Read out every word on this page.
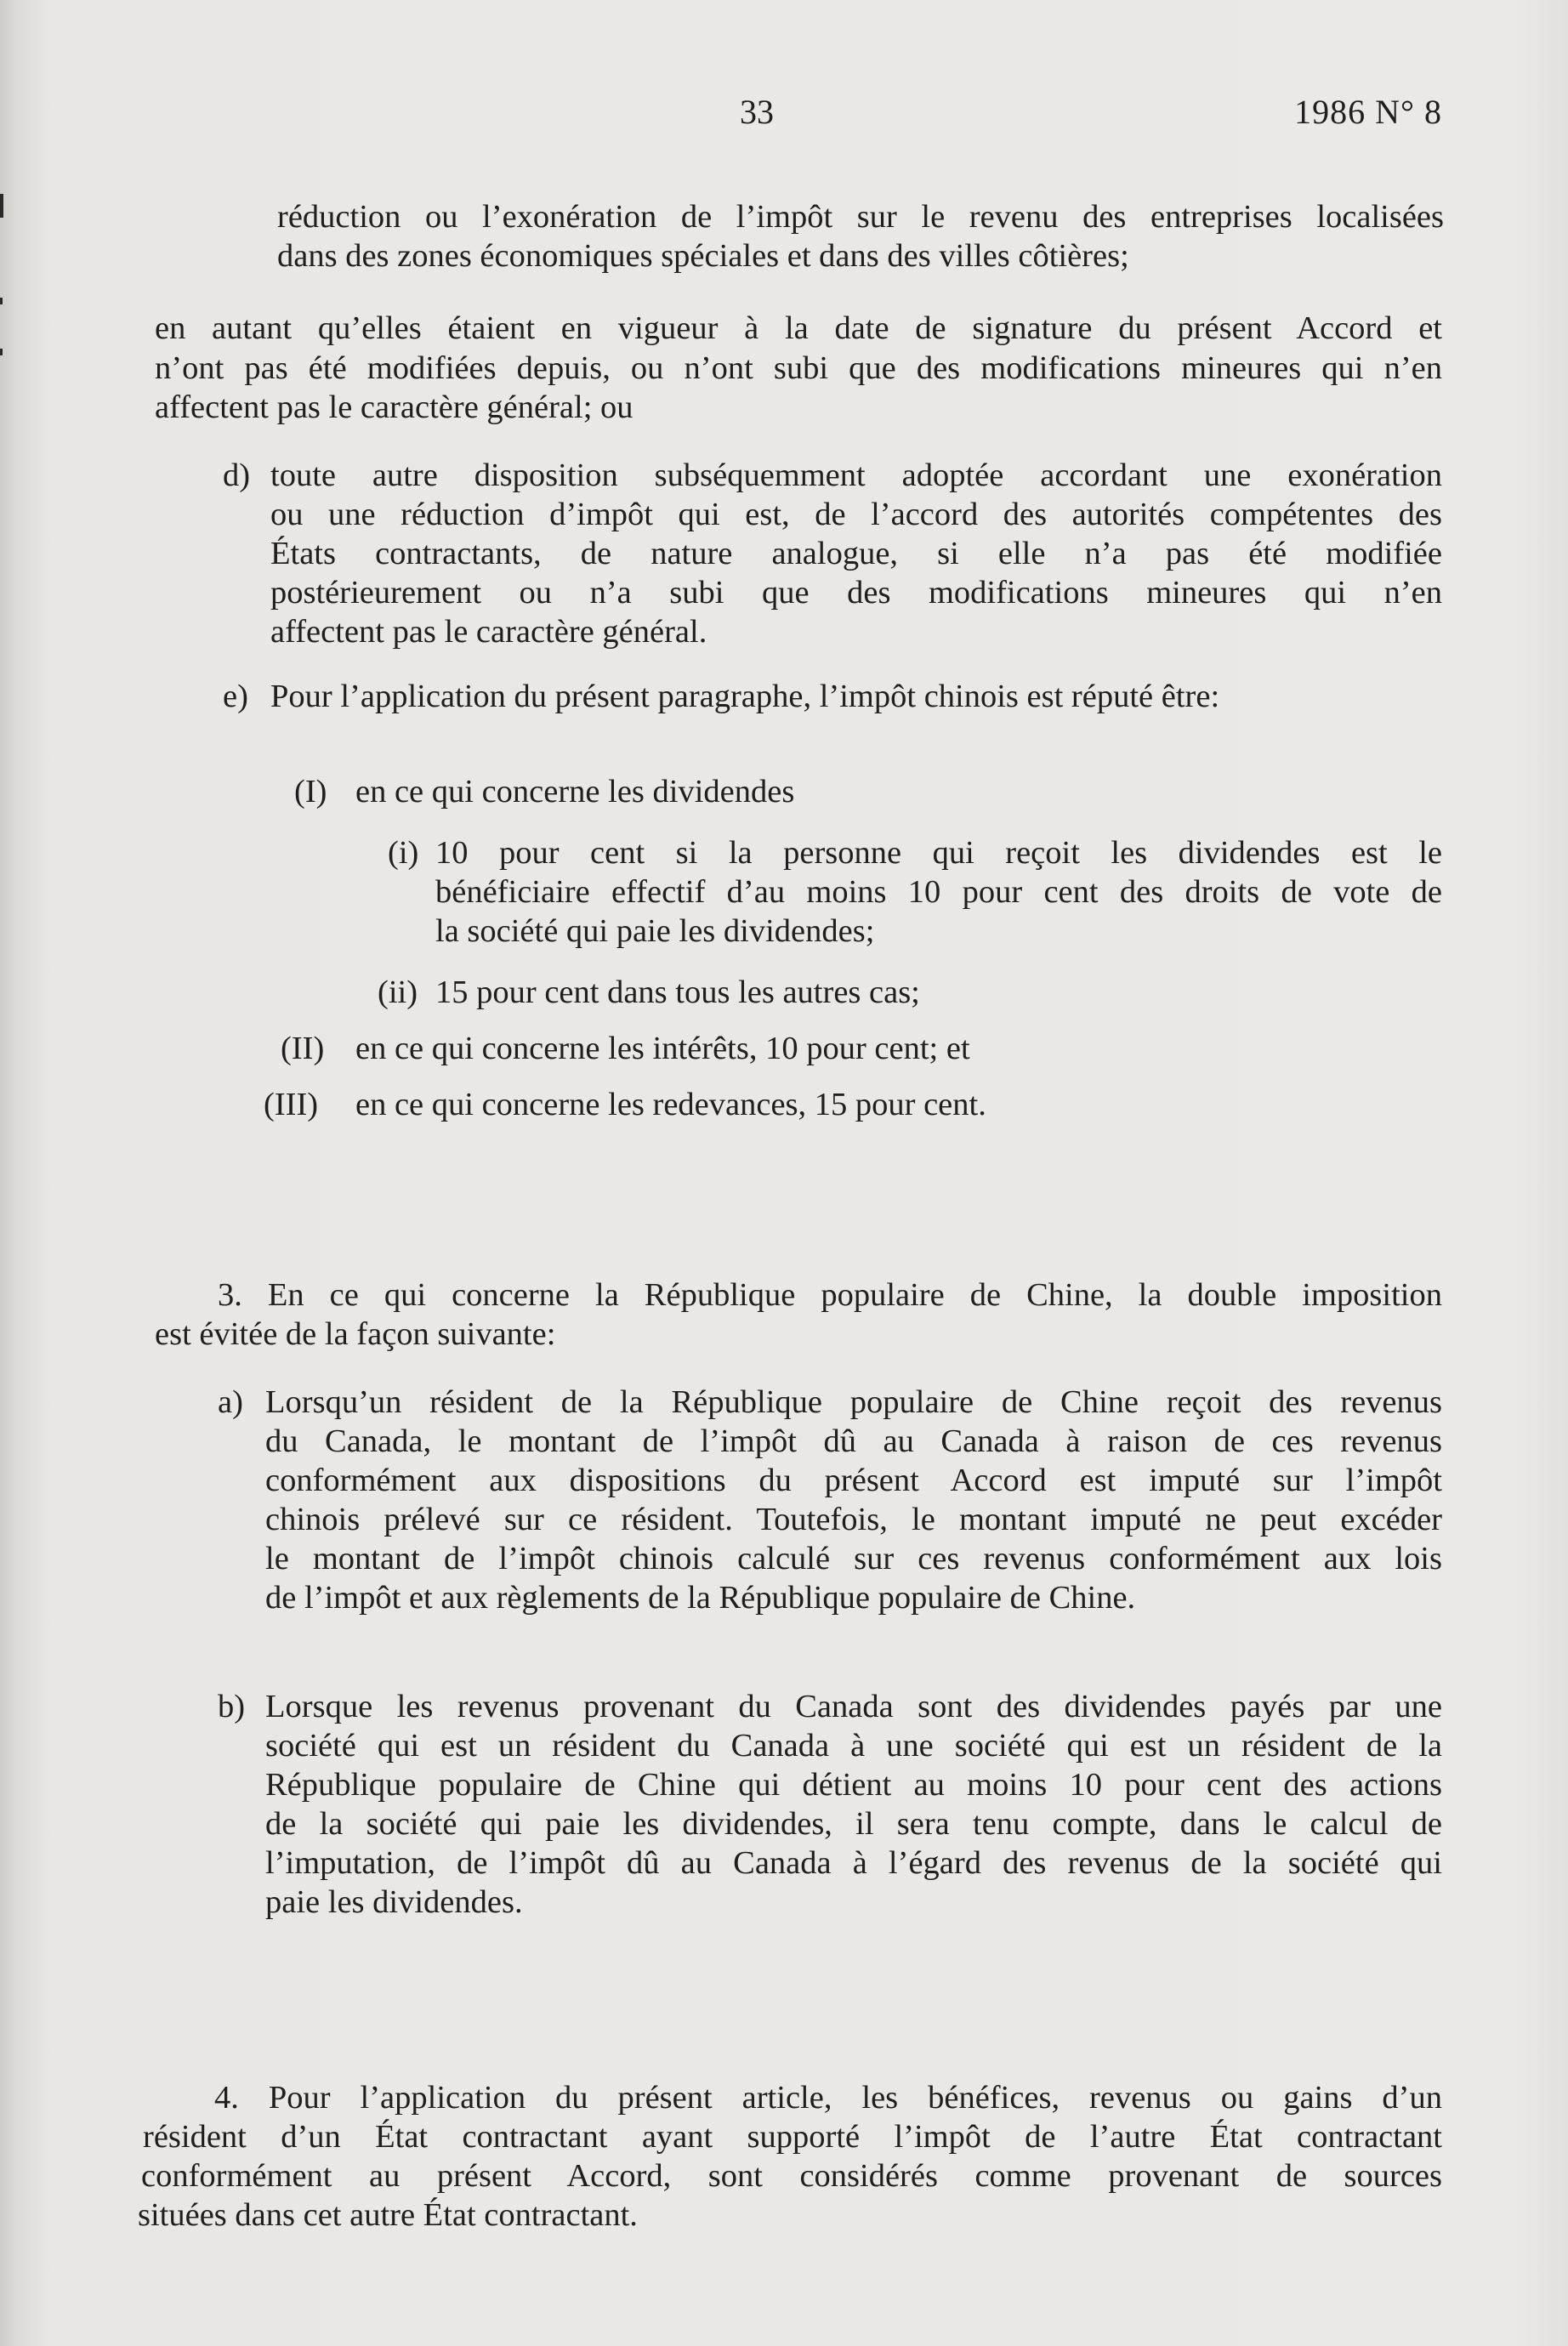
33	1986 N° 8
réduction ou l’exonération de l’impôt sur le revenu des entreprises localisées
dans des zones économiques spéciales et dans des villes côtières;
en autant qu’elles étaient en vigueur à la date de signature du présent Accord et
n’ont pas été modifiées depuis, ou n’ont subi que des modifications mineures qui n’en
affectent pas le caractère général; ou
d) toute autre disposition subséquemment adoptée accordant une exonération
ou une réduction d’impôt qui est, de l’accord des autorités compétentes des
États contractants, de nature analogue, si elle n’a pas été modifiée
postérieurement ou n’a subi que des modifications mineures qui n’en
affectent pas le caractère général.
e) Pour l’application du présent paragraphe, l’impôt chinois est réputé être:
(I) en ce qui concerne les dividendes
(i) 10 pour cent si la personne qui reçoit les dividendes est le
bénéficiaire effectif d’au moins 10 pour cent des droits de vote de
la société qui paie les dividendes;
(ii) 15 pour cent dans tous les autres cas;
(II) en ce qui concerne les intérêts, 10 pour cent; et
(III) en ce qui concerne les redevances, 15 pour cent.
3. En ce qui concerne la République populaire de Chine, la double imposition
est évitée de la façon suivante:
a) Lorsqu’un résident de la République populaire de Chine reçoit des revenus
du Canada, le montant de l’impôt dû au Canada à raison de ces revenus
conformément aux dispositions du présent Accord est imputé sur l’impôt
chinois prélevé sur ce résident. Toutefois, le montant imputé ne peut excéder
le montant de l’impôt chinois calculé sur ces revenus conformément aux lois
de l’impôt et aux règlements de la République populaire de Chine.
b) Lorsque les revenus provenant du Canada sont des dividendes payés par une
société qui est un résident du Canada à une société qui est un résident de la
République populaire de Chine qui détient au moins 10 pour cent des actions
de la société qui paie les dividendes, il sera tenu compte, dans le calcul de
l’imputation, de l’impôt dû au Canada à l’égard des revenus de la société qui
paie les dividendes.
4. Pour l’application du présent article, les bénéfices, revenus ou gains d’un
résident d’un État contractant ayant supporté l’impôt de l’autre État contractant
conformément au présent Accord, sont considérés comme provenant de sources
situées dans cet autre État contractant.
